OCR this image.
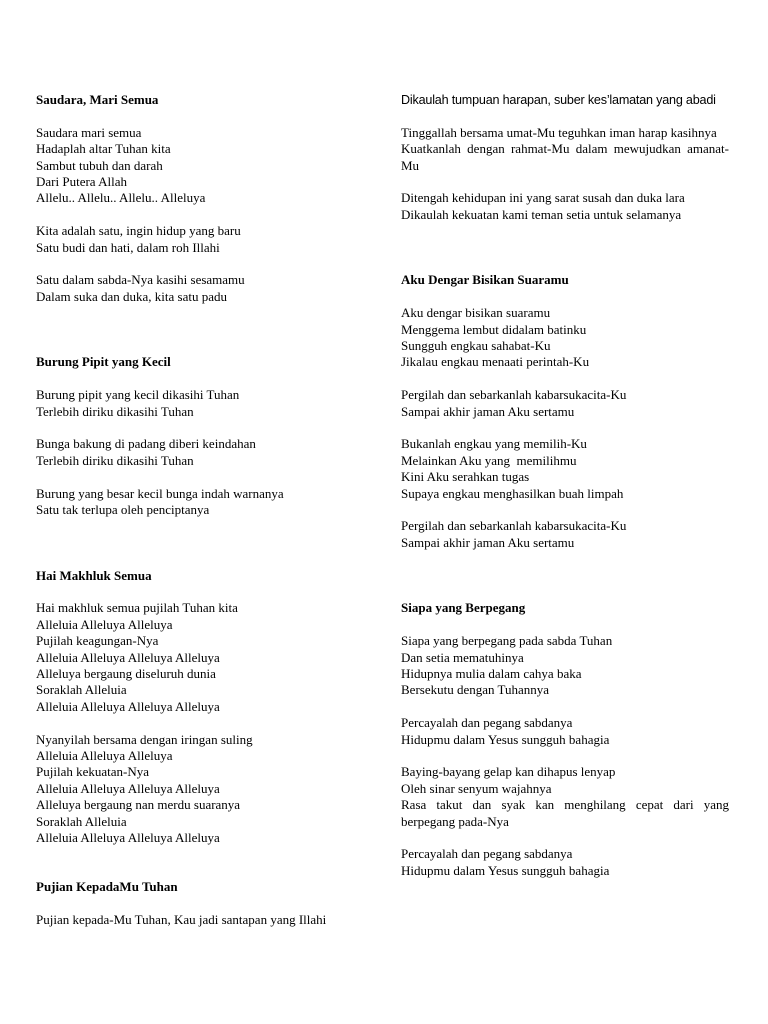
Saudara, Mari Semua
Saudara mari semua
Hadaplah altar Tuhan kita
Sambut tubuh dan darah
Dari Putera Allah
Allelu.. Allelu.. Allelu.. Alleluya
Kita adalah satu, ingin hidup yang baru
Satu budi dan hati, dalam roh Illahi
Satu dalam sabda-Nya kasihi sesamamu
Dalam suka dan duka, kita satu padu
Burung Pipit yang Kecil
Burung pipit yang kecil dikasihi Tuhan
Terlebih diriku dikasihi Tuhan
Bunga bakung di padang diberi keindahan
Terlebih diriku dikasihi Tuhan
Burung yang besar kecil bunga indah warnanya
Satu tak terlupa oleh penciptanya
Hai Makhluk Semua
Hai makhluk semua pujilah Tuhan kita
Alleluia Alleluya Alleluya
Pujilah keagungan-Nya
Alleluia Alleluya Alleluya Alleluya
Alleluya bergaung diseluruh dunia
Soraklah Alleluia
Alleluia Alleluya Alleluya Alleluya
Nyanyilah bersama dengan iringan suling
Alleluia Alleluya Alleluya
Pujilah kekuatan-Nya
Alleluia Alleluya Alleluya Alleluya
Alleluya bergaung nan merdu suaranya
Soraklah Alleluia
Alleluia Alleluya Alleluya Alleluya
Pujian KepadaMu Tuhan
Pujian kepada-Mu Tuhan, Kau jadi santapan yang Illahi
Dikaulah tumpuan harapan, suber kes’lamatan yang abadi
Tinggallah bersama umat-Mu teguhkan iman harap kasihnya
Kuatkanlah dengan rahmat-Mu dalam mewujudkan amanat-Mu
Ditengah kehidupan ini yang sarat susah dan duka lara
Dikaulah kekuatan kami teman setia untuk selamanya
Aku Dengar Bisikan Suaramu
Aku dengar bisikan suaramu
Menggema lembut didalam batinku
Sungguh engkau sahabat-Ku
Jikalau engkau menaati perintah-Ku
Pergilah dan sebarkanlah kabarsukacita-Ku
Sampai akhir jaman Aku sertamu
Bukanlah engkau yang memilih-Ku
Melainkan Aku yang  memilihmu
Kini Aku serahkan tugas
Supaya engkau menghasilkan buah limpah
Pergilah dan sebarkanlah kabarsukacita-Ku
Sampai akhir jaman Aku sertamu
Siapa yang Berpegang
Siapa yang berpegang pada sabda Tuhan
Dan setia mematuhinya
Hidupnya mulia dalam cahya baka
Bersekutu dengan Tuhannya
Percayalah dan pegang sabdanya
Hidupmu dalam Yesus sungguh bahagia
Baying-bayang gelap kan dihapus lenyap
Oleh sinar senyum wajahnya
Rasa takut dan syak kan menghilang cepat dari yang berpegang pada-Nya
Percayalah dan pegang sabdanya
Hidupmu dalam Yesus sungguh bahagia
